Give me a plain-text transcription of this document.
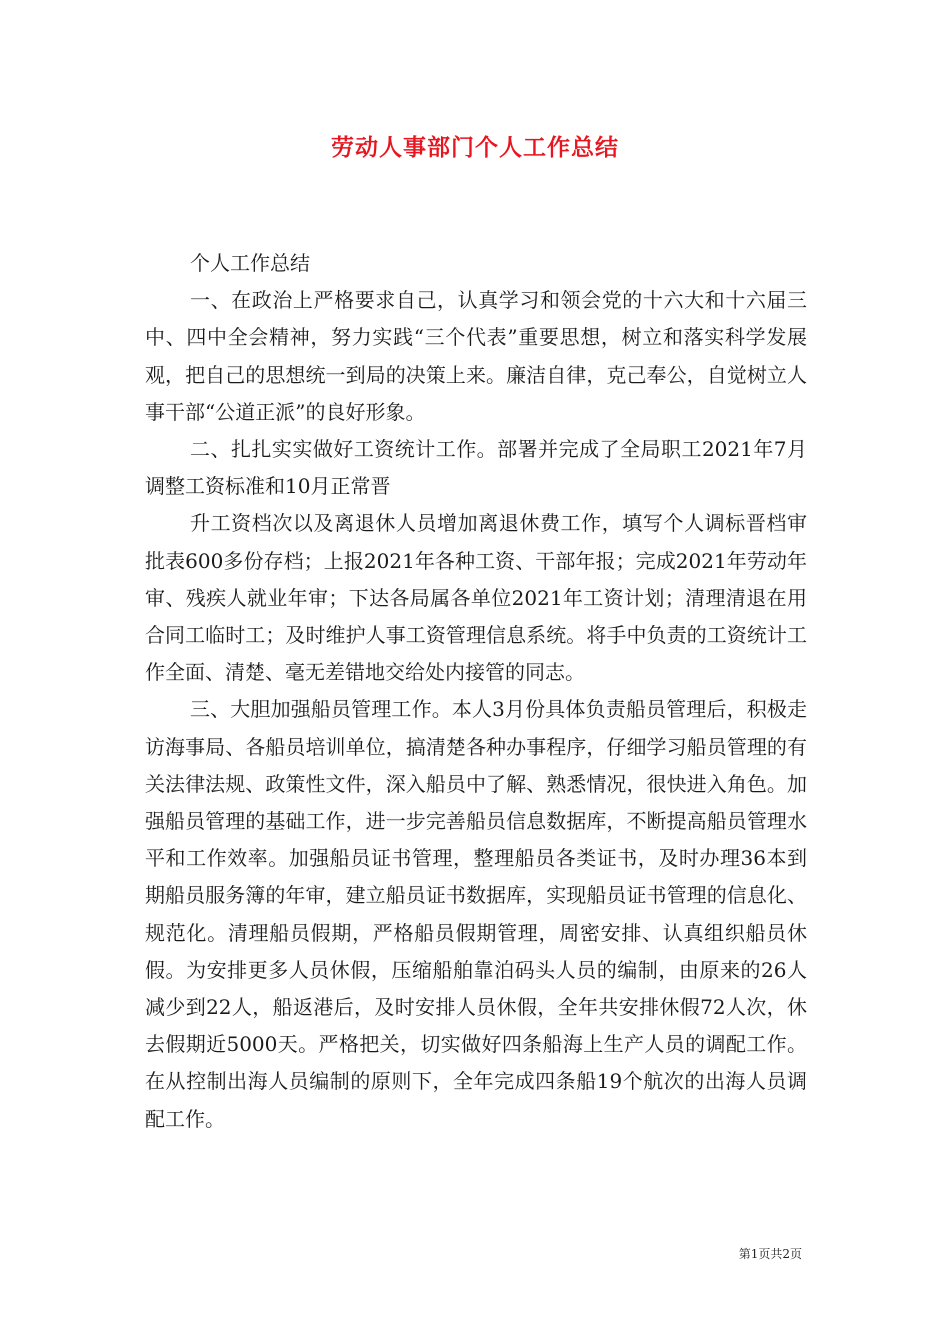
劳动人事部门个人工作总结

个人工作总结

一、在政治上严格要求自己，认真学习和领会党的十六大和十六届三中、四中全会精神，努力实践“三个代表”重要思想，树立和落实科学发展观，把自己的思想统一到局的决策上来。廉洁自律，克己奉公，自觉树立人事干部“公道正派”的良好形象。

二、扎扎实实做好工资统计工作。部署并完成了全局职工2021年7月调整工资标准和10月正常晋

升工资档次以及离退休人员增加离退休费工作，填写个人调标晋档审批表600多份存档；上报2021年各种工资、干部年报；完成2021年劳动年审、残疾人就业年审；下达各局属各单位2021年工资计划；清理清退在用合同工临时工；及时维护人事工资管理信息系统。将手中负责的工资统计工作全面、清楚、毫无差错地交给处内接管的同志。

三、大胆加强船员管理工作。本人3月份具体负责船员管理后，积极走访海事局、各船员培训单位，搞清楚各种办事程序，仔细学习船员管理的有关法律法规、政策性文件，深入船员中了解、熟悉情况，很快进入角色。加强船员管理的基础工作，进一步完善船员信息数据库，不断提高船员管理水平和工作效率。加强船员证书管理，整理船员各类证书，及时办理36本到期船员服务簿的年审，建立船员证书数据库，实现船员证书管理的信息化、规范化。清理船员假期，严格船员假期管理，周密安排、认真组织船员休假。为安排更多人员休假，压缩船舶靠泊码头人员的编制，由原来的26人减少到22人，船返港后，及时安排人员休假，全年共安排休假72人次，休去假期近5000天。严格把关，切实做好四条船海上生产人员的调配工作。在从控制出海人员编制的原则下，全年完成四条船19个航次的出海人员调配工作。

第1页共2页
